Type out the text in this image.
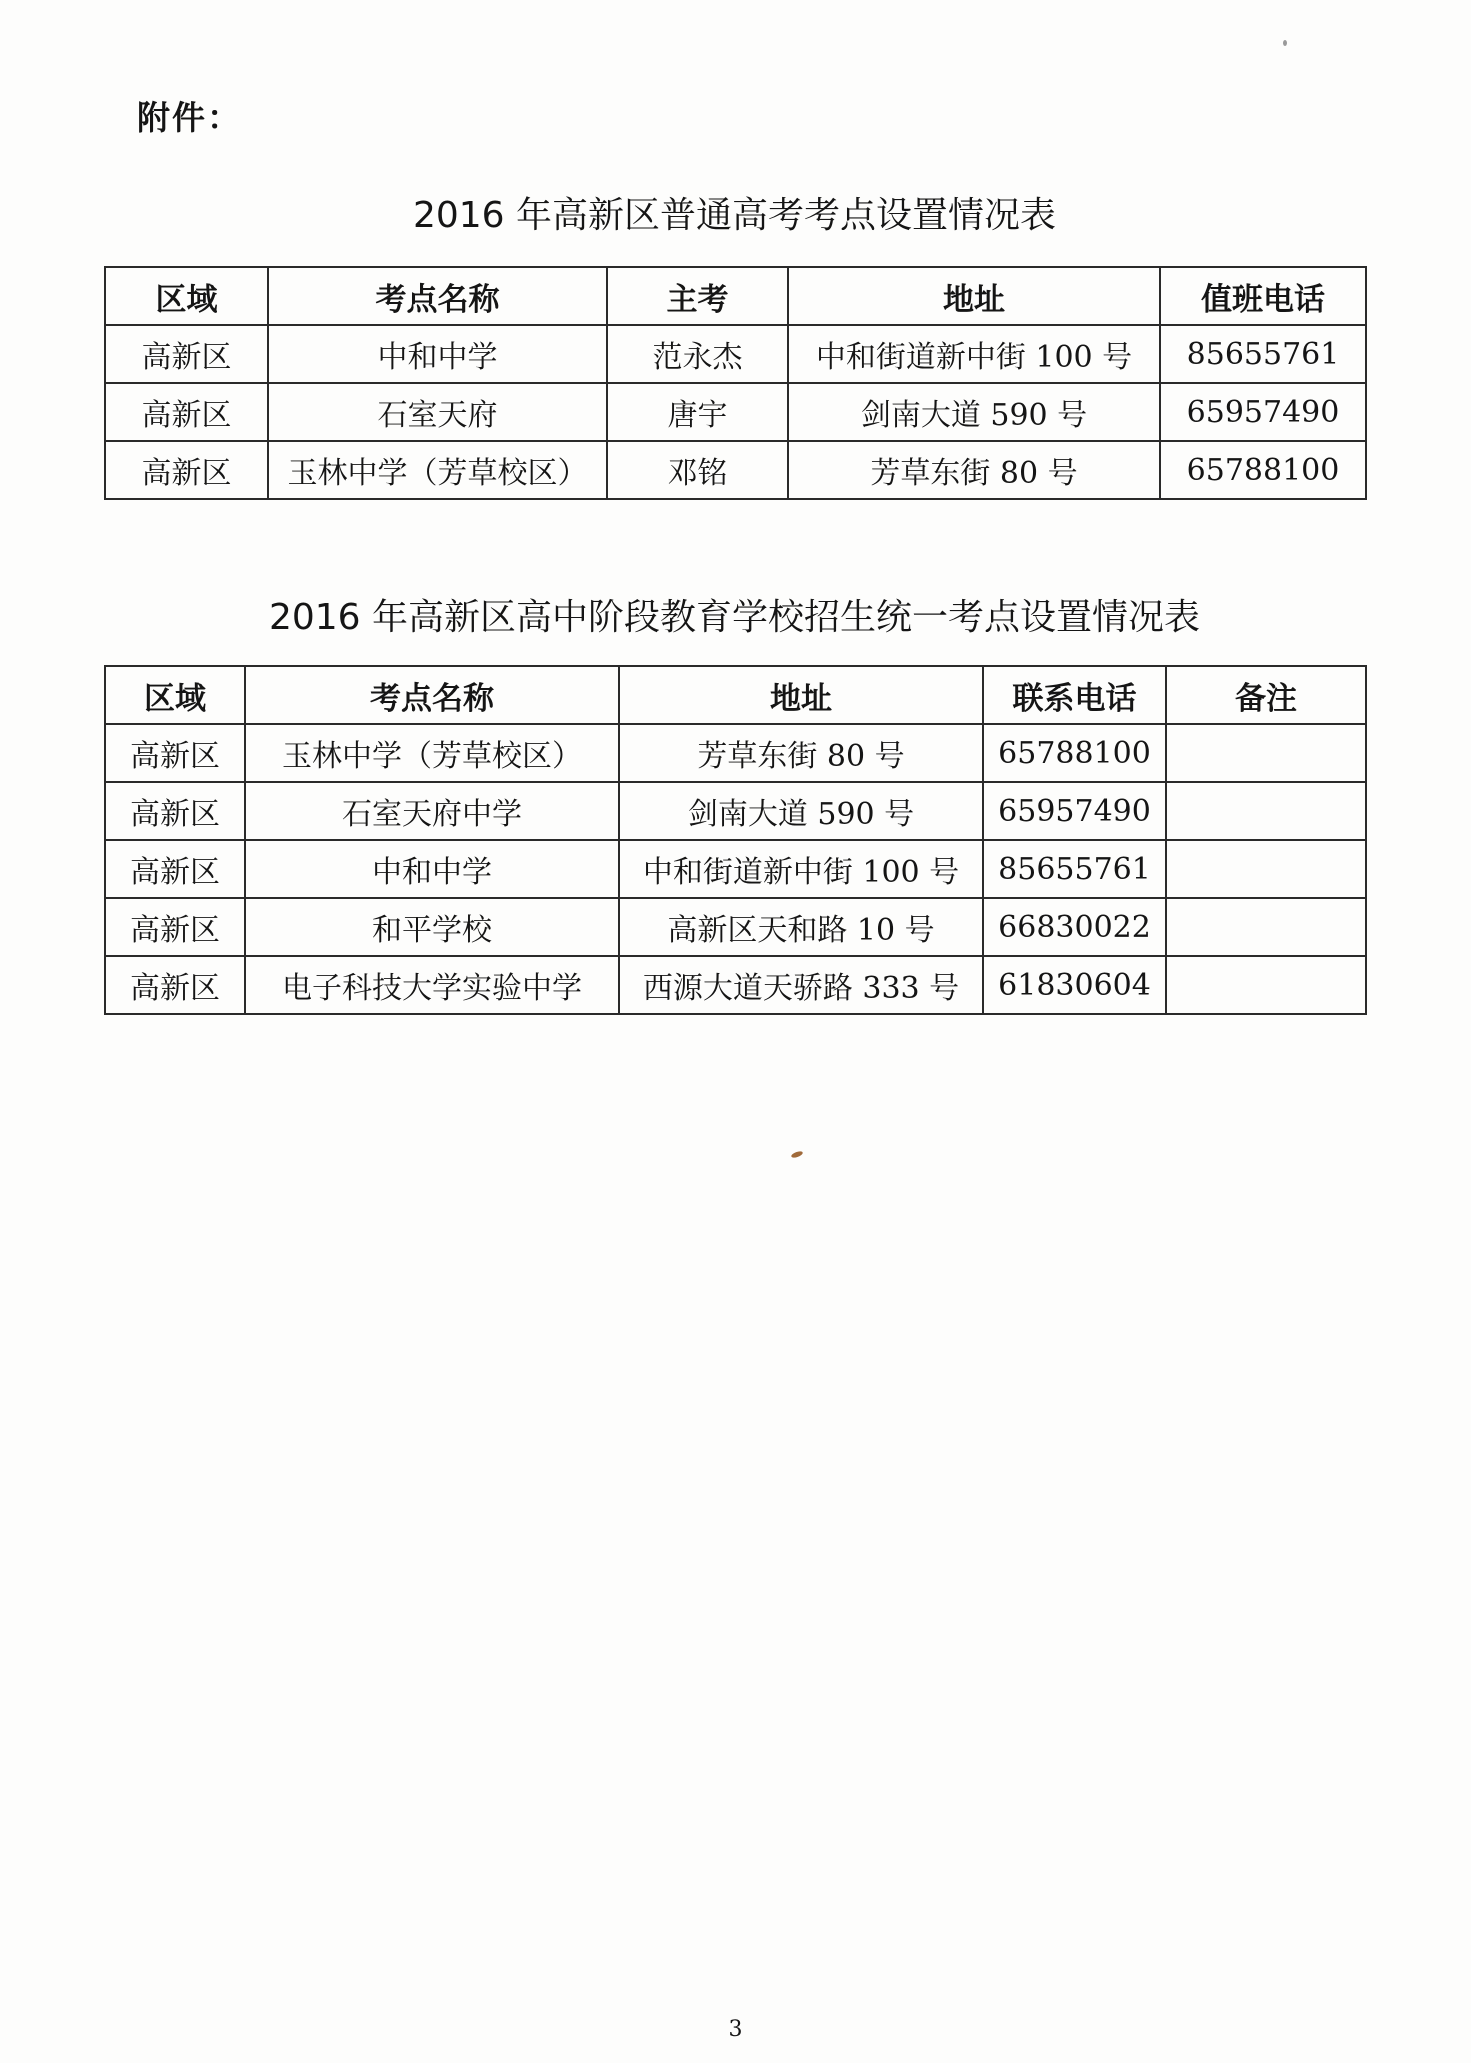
附件：
2016 年高新区普通高考考点设置情况表
区域	考点名称	主考	地址	值班电话
高新区	中和中学	范永杰	中和街道新中街 100 号	85655761
高新区	石室天府	唐宇	剑南大道 590 号	65957490
高新区	玉林中学（芳草校区）	邓铭	芳草东街 80 号	65788100
2016 年高新区高中阶段教育学校招生统一考点设置情况表
区域	考点名称	地址	联系电话	备注
高新区	玉林中学（芳草校区）	芳草东街 80 号	65788100	
高新区	石室天府中学	剑南大道 590 号	65957490	
高新区	中和中学	中和街道新中街 100 号	85655761	
高新区	和平学校	高新区天和路 10 号	66830022	
高新区	电子科技大学实验中学	西源大道天骄路 333 号	61830604	
3
